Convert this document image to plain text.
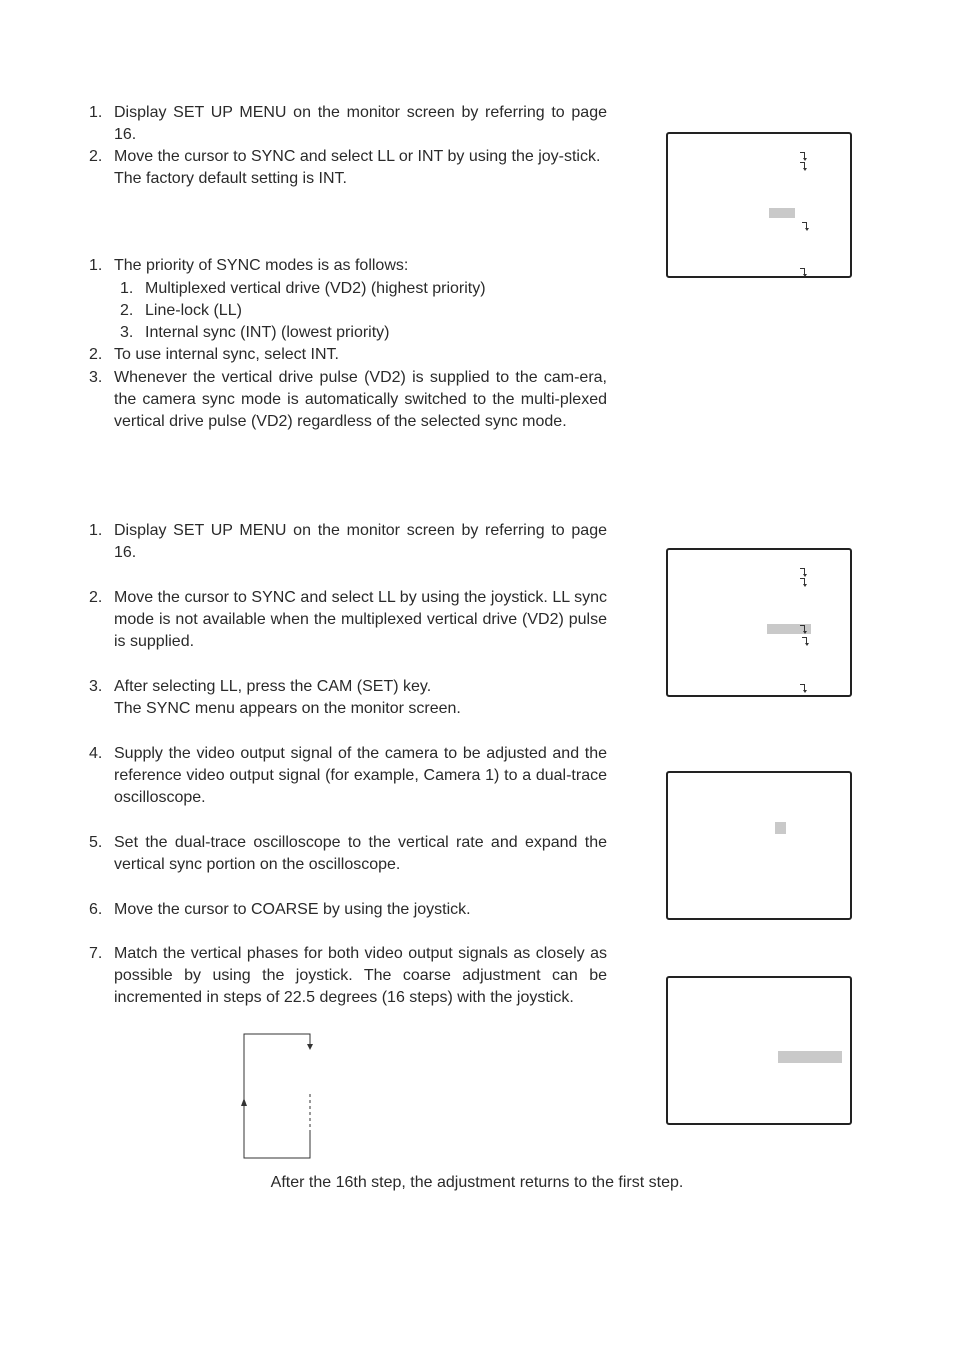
1. Display SET UP MENU on the monitor screen by referring to page 16.
2. Move the cursor to SYNC and select LL or INT by using the joy-stick.
The factory default setting is INT.
1. The priority of SYNC modes is as follows:
1. Multiplexed vertical drive (VD2) (highest priority)
2. Line-lock (LL)
3. Internal sync (INT) (lowest priority)
2. To use internal sync, select INT.
3. Whenever the vertical drive pulse (VD2) is supplied to the cam-era, the camera sync mode is automatically switched to the multi-plexed vertical drive pulse (VD2) regardless of the selected sync mode.
1. Display SET UP MENU on the monitor screen by referring to page 16.
2. Move the cursor to SYNC and select LL by using the joystick. LL sync mode is not available when the multiplexed vertical drive (VD2) pulse is supplied.
3. After selecting LL, press the CAM (SET) key.
The SYNC menu appears on the monitor screen.
4. Supply the video output signal of the camera to be adjusted and the reference video output signal (for example, Camera 1) to a dual-trace oscilloscope.
5. Set the dual-trace oscilloscope to the vertical rate and expand the vertical sync portion on the oscilloscope.
6. Move the cursor to COARSE by using the joystick.
7. Match the vertical phases for both video output signals as closely as possible by using the joystick. The coarse adjustment can be incremented in steps of 22.5 degrees (16 steps) with the joystick.
After the 16th step, the adjustment returns to the first step.
